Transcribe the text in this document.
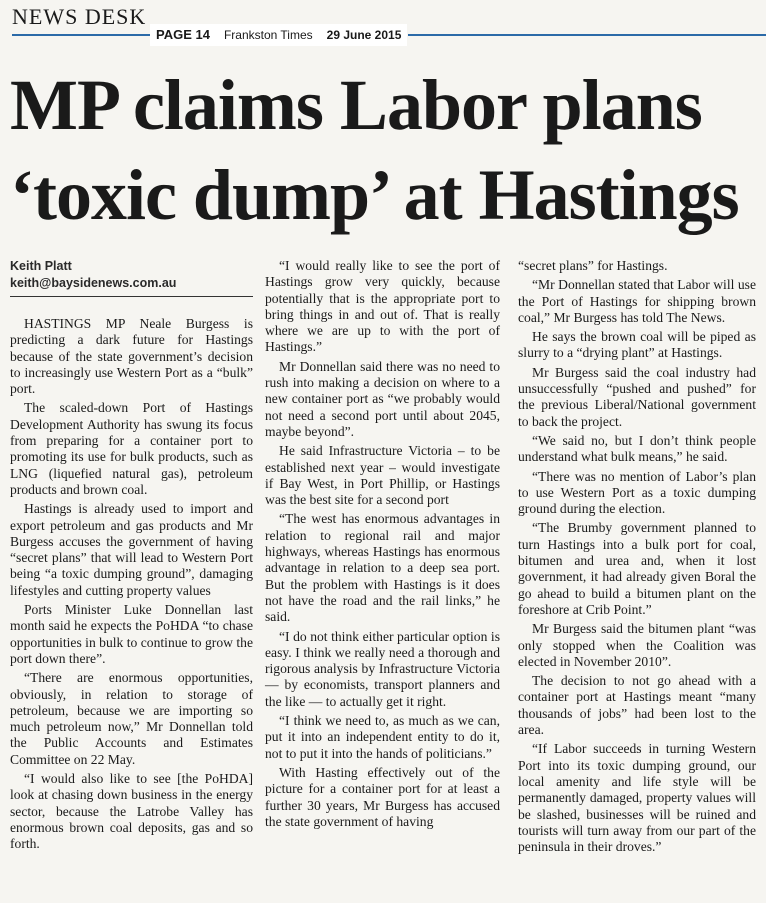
NEWS DESK
PAGE 14 Frankston Times 29 June 2015
MP claims Labor plans
‘toxic dump’ at Hastings
Keith Platt
keith@baysidenews.com.au

HASTINGS MP Neale Burgess is predicting a dark future for Hastings because of the state government’s decision to increasingly use Western Port as a “bulk” port.

The scaled-down Port of Hastings Development Authority has swung its focus from preparing for a container port to promoting its use for bulk products, such as LNG (liquefied natural gas), petroleum products and brown coal.

Hastings is already used to import and export petroleum and gas products and Mr Burgess accuses the government of having “secret plans” that will lead to Western Port being “a toxic dumping ground”, damaging lifestyles and cutting property values

Ports Minister Luke Donnellan last month said he expects the PoHDA “to chase opportunities in bulk to continue to grow the port down there”.

“There are enormous opportunities, obviously, in relation to storage of petroleum, because we are importing so much petroleum now,” Mr Donnellan told the Public Accounts and Estimates Committee on 22 May.

“I would also like to see [the PoHDA] look at chasing down business in the energy sector, because the Latrobe Valley has enormous brown coal deposits, gas and so forth.

“I would really like to see the port of Hastings grow very quickly, because potentially that is the appropriate port to bring things in and out of. That is really where we are up to with the port of Hastings.”

Mr Donnellan said there was no need to rush into making a decision on where to a new container port as “we probably would not need a second port until about 2045, maybe beyond”.

He said Infrastructure Victoria – to be established next year – would investigate if Bay West, in Port Phillip, or Hastings was the best site for a second port

“The west has enormous advantages in relation to regional rail and major highways, whereas Hastings has enormous advantage in relation to a deep sea port. But the problem with Hastings is it does not have the road and the rail links,” he said.

“I do not think either particular option is easy. I think we really need a thorough and rigorous analysis by Infrastructure Victoria — by economists, transport planners and the like — to actually get it right.

“I think we need to, as much as we can, put it into an independent entity to do it, not to put it into the hands of politicians.”

With Hasting effectively out of the picture for a container port for at least a further 30 years, Mr Burgess has accused the state government of having

“secret plans” for Hastings.

“Mr Donnellan stated that Labor will use the Port of Hastings for shipping brown coal,” Mr Burgess has told The News.

He says the brown coal will be piped as slurry to a “drying plant” at Hastings.

Mr Burgess said the coal industry had unsuccessfully “pushed and pushed” for the previous Liberal/National government to back the project.

“We said no, but I don’t think people understand what bulk means,” he said.

“There was no mention of Labor’s plan to use Western Port as a toxic dumping ground during the election.

“The Brumby government planned to turn Hastings into a bulk port for coal, bitumen and urea and, when it lost government, it had already given Boral the go ahead to build a bitumen plant on the foreshore at Crib Point.”

Mr Burgess said the bitumen plant “was only stopped when the Coalition was elected in November 2010”.

The decision to not go ahead with a container port at Hastings meant “many thousands of jobs” had been lost to the area.

“If Labor succeeds in turning Western Port into its toxic dumping ground, our local amenity and life style will be permanently damaged, property values will be slashed, businesses will be ruined and tourists will turn away from our part of the peninsula in their droves.”
